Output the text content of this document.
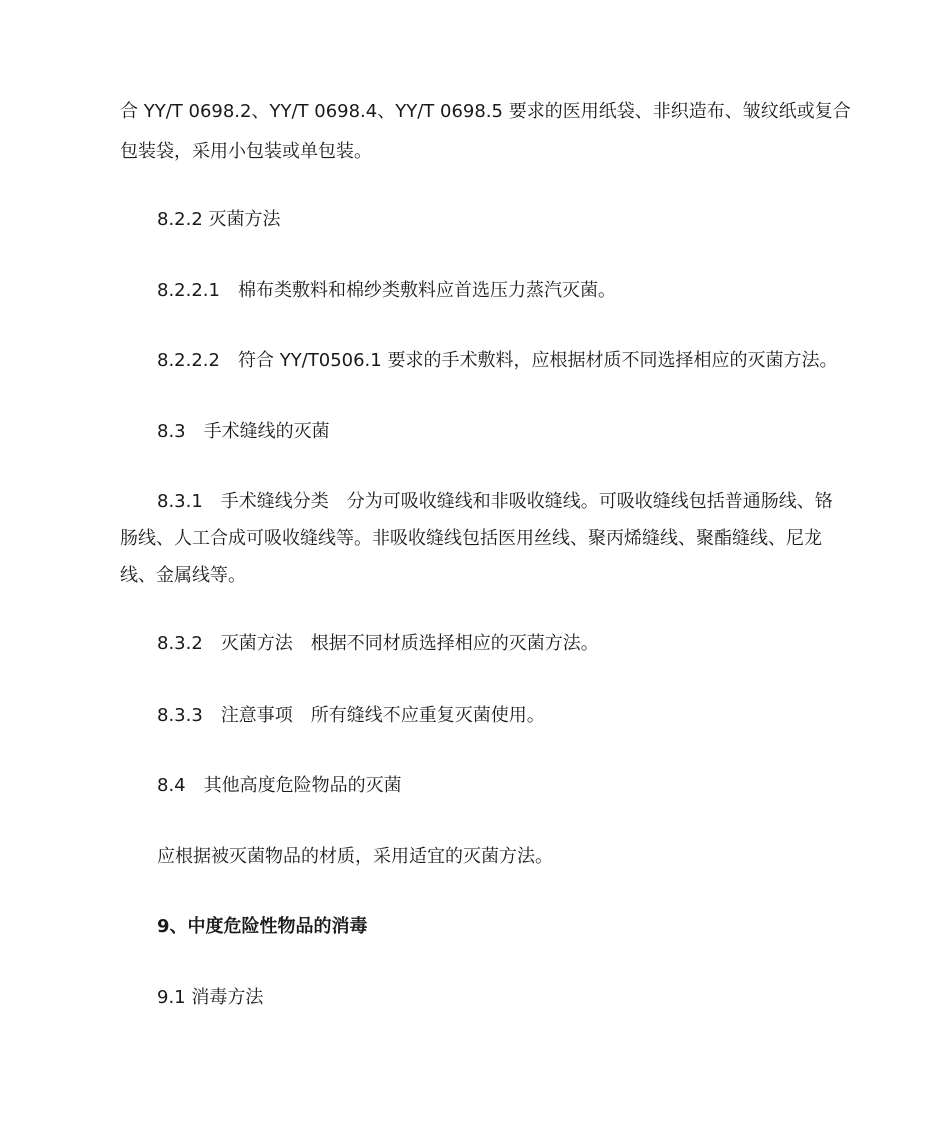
合 YY/T 0698.2、YY/T 0698.4、YY/T 0698.5 要求的医用纸袋、非织造布、皱纹纸或复合
包装袋，采用小包装或单包装。
8.2.2 灭菌方法
8.2.2.1　棉布类敷料和棉纱类敷料应首选压力蒸汽灭菌。
8.2.2.2　符合 YY/T0506.1 要求的手术敷料，应根据材质不同选择相应的灭菌方法。
8.3　手术缝线的灭菌
8.3.1　手术缝线分类　分为可吸收缝线和非吸收缝线。可吸收缝线包括普通肠线、铬
肠线、人工合成可吸收缝线等。非吸收缝线包括医用丝线、聚丙烯缝线、聚酯缝线、尼龙
线、金属线等。
8.3.2　灭菌方法　根据不同材质选择相应的灭菌方法。
8.3.3　注意事项　所有缝线不应重复灭菌使用。
8.4　其他高度危险物品的灭菌
应根据被灭菌物品的材质，采用适宜的灭菌方法。
9、中度危险性物品的消毒
9.1 消毒方法
